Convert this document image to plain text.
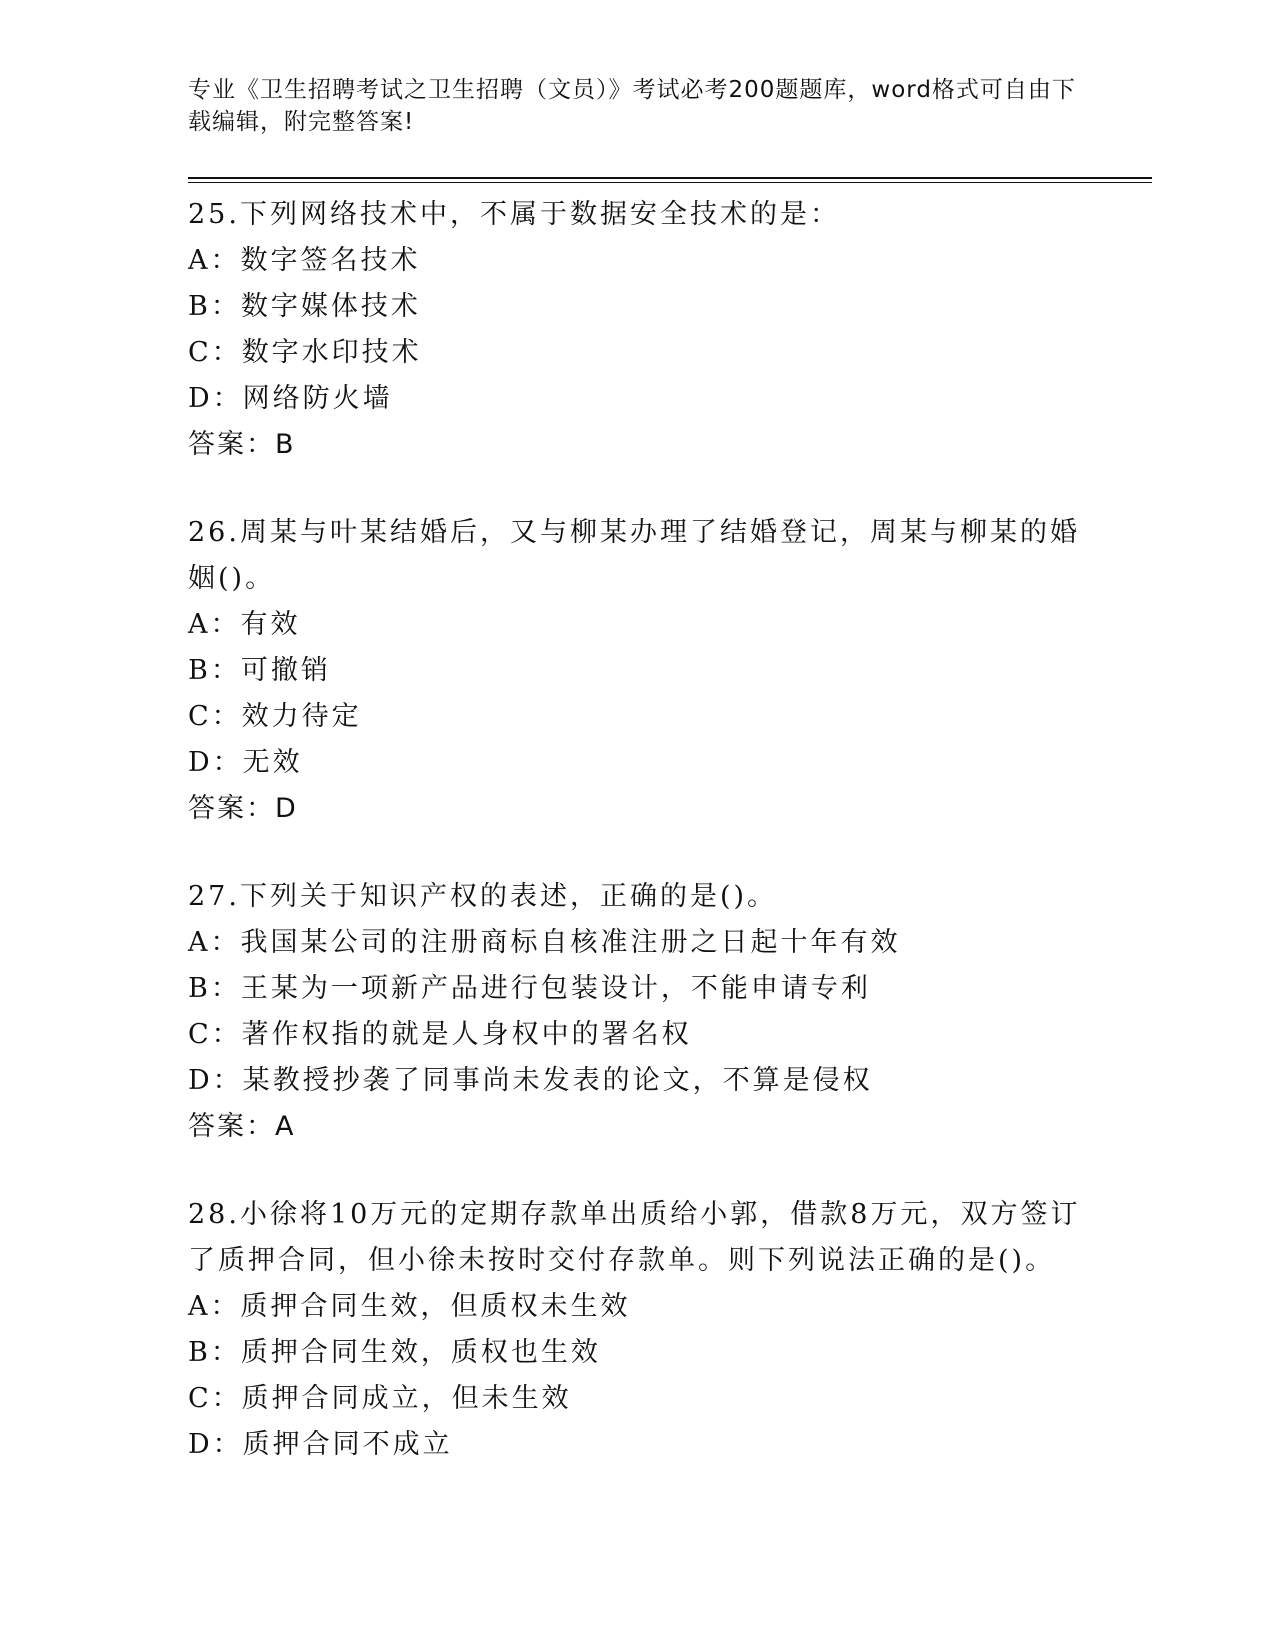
专业《卫生招聘考试之卫生招聘（文员）》考试必考200题题库，word格式可自由下载编辑，附完整答案!

25.下列网络技术中，不属于数据安全技术的是：

A：数字签名技术

B：数字媒体技术

C：数字水印技术

D：网络防火墙

答案：B

26.周某与叶某结婚后，又与柳某办理了结婚登记，周某与柳某的婚姻()。

A：有效

B：可撤销

C：效力待定

D：无效

答案：D

27.下列关于知识产权的表述，正确的是()。

A：我国某公司的注册商标自核准注册之日起十年有效

B：王某为一项新产品进行包装设计，不能申请专利

C：著作权指的就是人身权中的署名权

D：某教授抄袭了同事尚未发表的论文，不算是侵权

答案：A

28.小徐将10万元的定期存款单出质给小郭，借款8万元，双方签订了质押合同，但小徐未按时交付存款单。则下列说法正确的是()。

A：质押合同生效，但质权未生效

B：质押合同生效，质权也生效

C：质押合同成立，但未生效

D：质押合同不成立
